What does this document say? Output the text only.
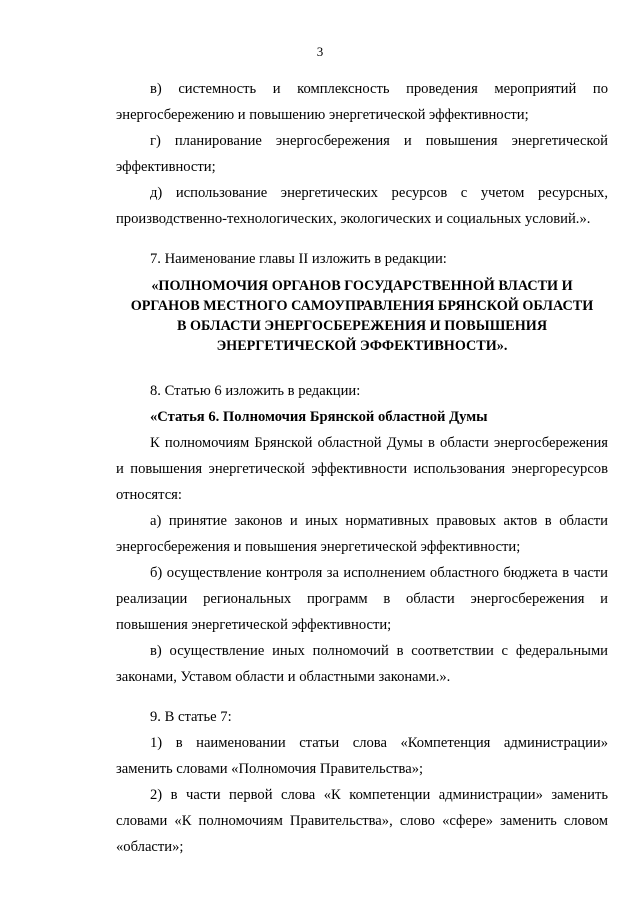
3

в) системность и комплексность проведения мероприятий по энергосбережению и повышению энергетической эффективности;

г) планирование энергосбережения и повышения энергетической эффективности;

д) использование энергетических ресурсов с учетом ресурсных, производственно-технологических, экологических и социальных условий.».

7. Наименование главы II изложить в редакции:

«ПОЛНОМОЧИЯ ОРГАНОВ ГОСУДАРСТВЕННОЙ ВЛАСТИ И
ОРГАНОВ МЕСТНОГО САМОУПРАВЛЕНИЯ БРЯНСКОЙ ОБЛАСТИ
В ОБЛАСТИ ЭНЕРГОСБЕРЕЖЕНИЯ И ПОВЫШЕНИЯ
ЭНЕРГЕТИЧЕСКОЙ ЭФФЕКТИВНОСТИ».

8. Статью 6 изложить в редакции:

«Статья 6. Полномочия Брянской областной Думы

К полномочиям Брянской областной Думы в области энергосбережения и повышения энергетической эффективности использования энергоресурсов относятся:

а) принятие законов и иных нормативных правовых актов в области энергосбережения и повышения энергетической эффективности;

б) осуществление контроля за исполнением областного бюджета в части реализации региональных программ в области энергосбережения и повышения энергетической эффективности;

в) осуществление иных полномочий в соответствии с федеральными законами, Уставом области и областными законами.».

9. В статье 7:

1) в наименовании статьи слова «Компетенция администрации» заменить словами «Полномочия Правительства»;

2) в части первой слова «К компетенции администрации» заменить словами «К полномочиям Правительства», слово «сфере» заменить словом «области»;
